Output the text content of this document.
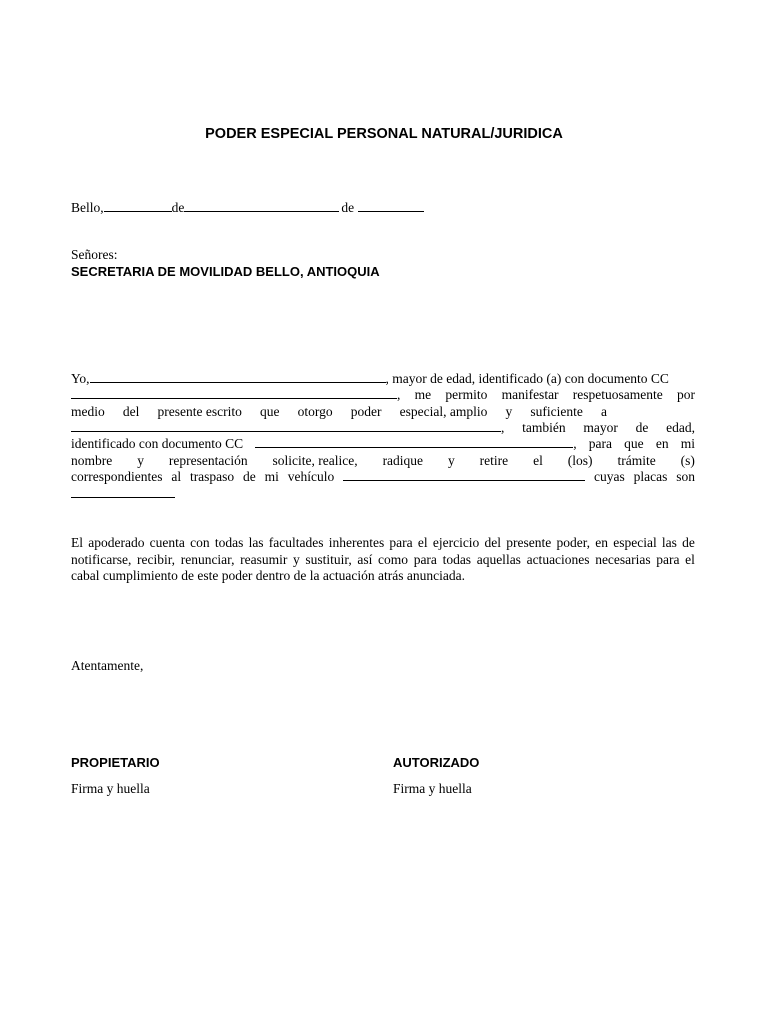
PODER ESPECIAL PERSONAL NATURAL/JURIDICA
Bello,	de	de
Señores:
SECRETARIA DE MOVILIDAD BELLO, ANTIOQUIA
Yo,	, mayor de edad, identificado (a) con documento CC
, me permito manifestar respetuosamente por
medio del presente escrito que otorgo poder especial, amplio y suficiente a
, también mayor de edad,
identificado con documento CC	, para que en mi
nombre y representación solicite, realice, radique y retire el (los) trámite (s)
correspondientes al traspaso de mi vehículo	cuyas placas son
El apoderado cuenta con todas las facultades inherentes para el ejercicio del presente poder, en especial las de
notificarse, recibir, renunciar, reasumir y sustituir, así como para todas aquellas actuaciones necesarias para el
cabal cumplimiento de este poder dentro de la actuación atrás anunciada.
Atentamente,
PROPIETARIO
Firma y huella
AUTORIZADO
Firma y huella
